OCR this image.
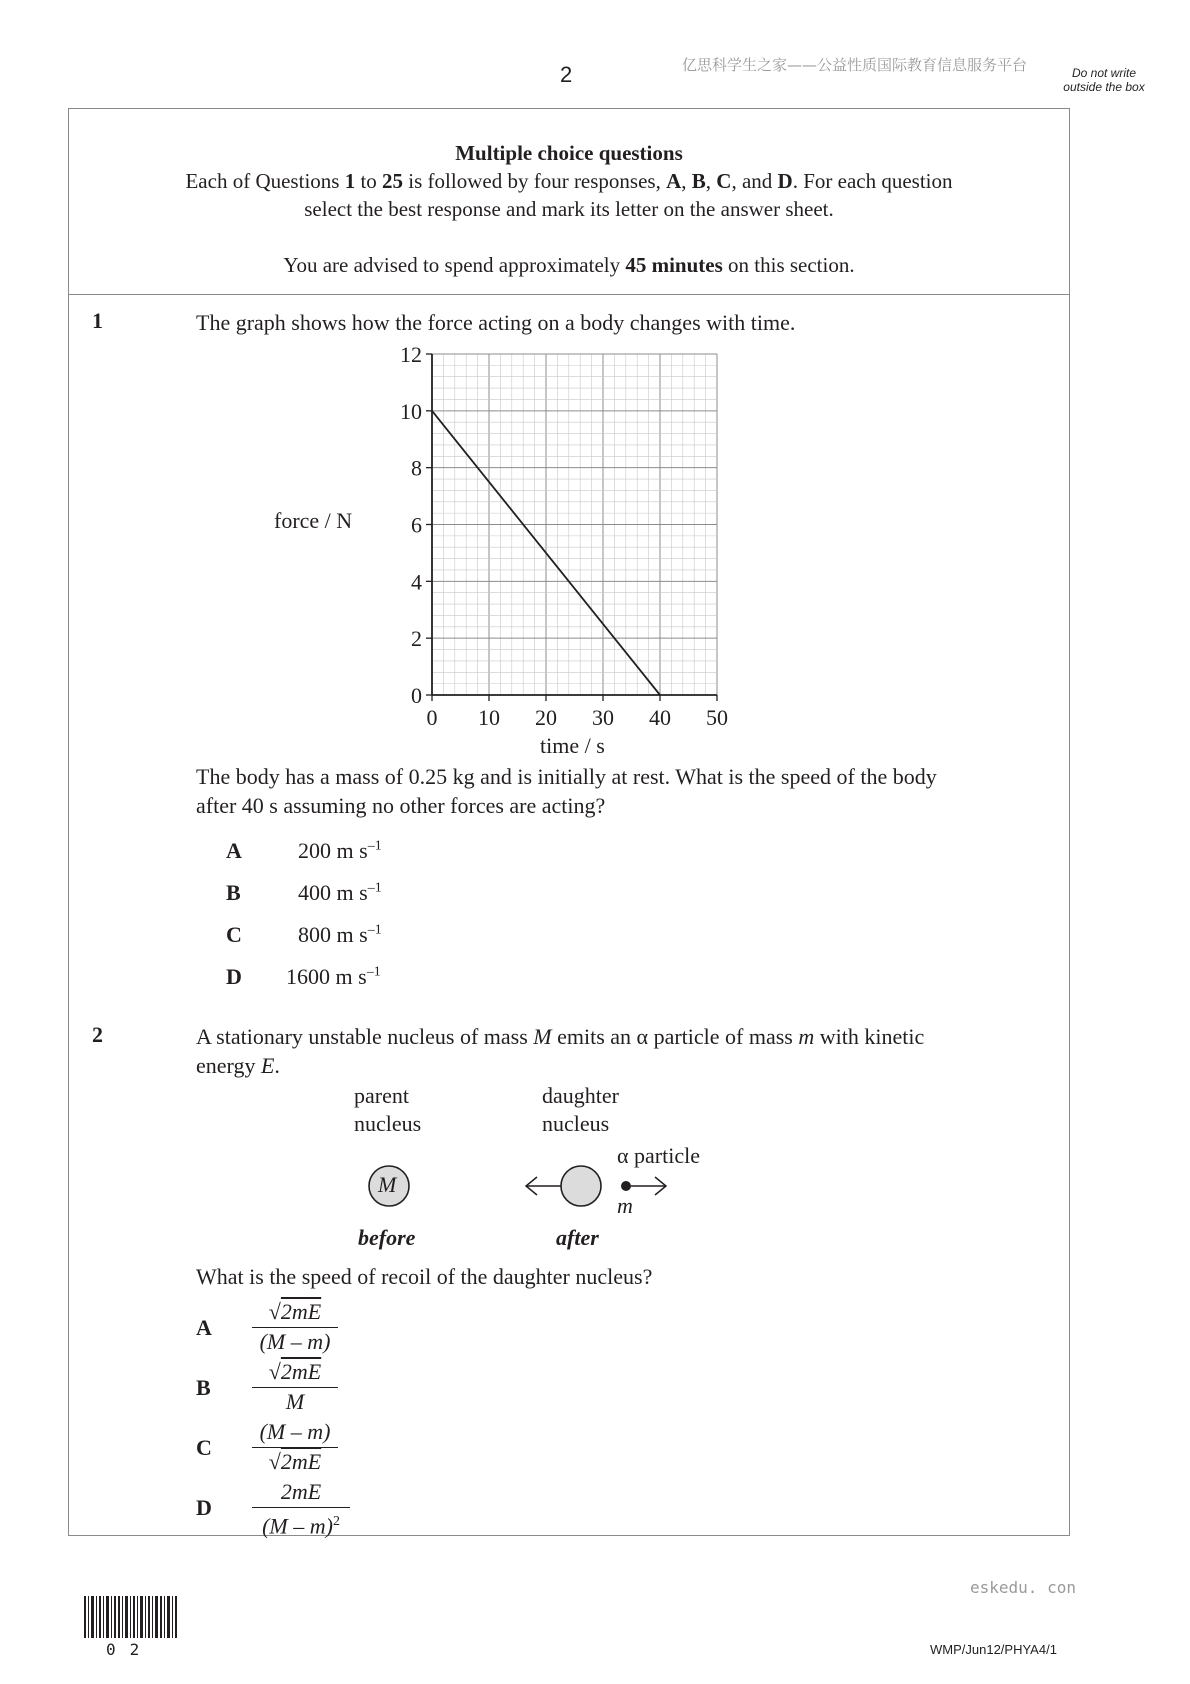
2	亿思科学生之家——公益性质国际教育信息服务平台	Do not write outside the box
Multiple choice questions
Each of Questions 1 to 25 is followed by four responses, A, B, C, and D. For each question
select the best response and mark its letter on the answer sheet.
You are advised to spend approximately 45 minutes on this section.
1	The graph shows how the force acting on a body changes with time.
force / N
time / s
0 10 20 30 40 50
0
2
4
6
8
10
12
The body has a mass of 0.25 kg and is initially at rest. What is the speed of the body
after 40 s assuming no other forces are acting?
A	200 m $s^{-1}$
B	400 m $s^{-1}$
C	800 m $s^{-1}$
D 1600 m $s^{-1}$
2	A stationary unstable nucleus of mass M emits an α particle of mass m with kinetic
energy E.
parent
nucleus
daughter
nucleus
α particle
M
m
before	after
What is the speed of recoil of the daughter nucleus?
A $\frac{√2mE}{(M - m)}$
B $\frac{√2mE}{M}$
C $\frac{(M - m)}{√2mE}$
D $\frac{2mE}{(M - m)^2}$
eskedu. con
02	WMP/Jun12/PHYA4/1
